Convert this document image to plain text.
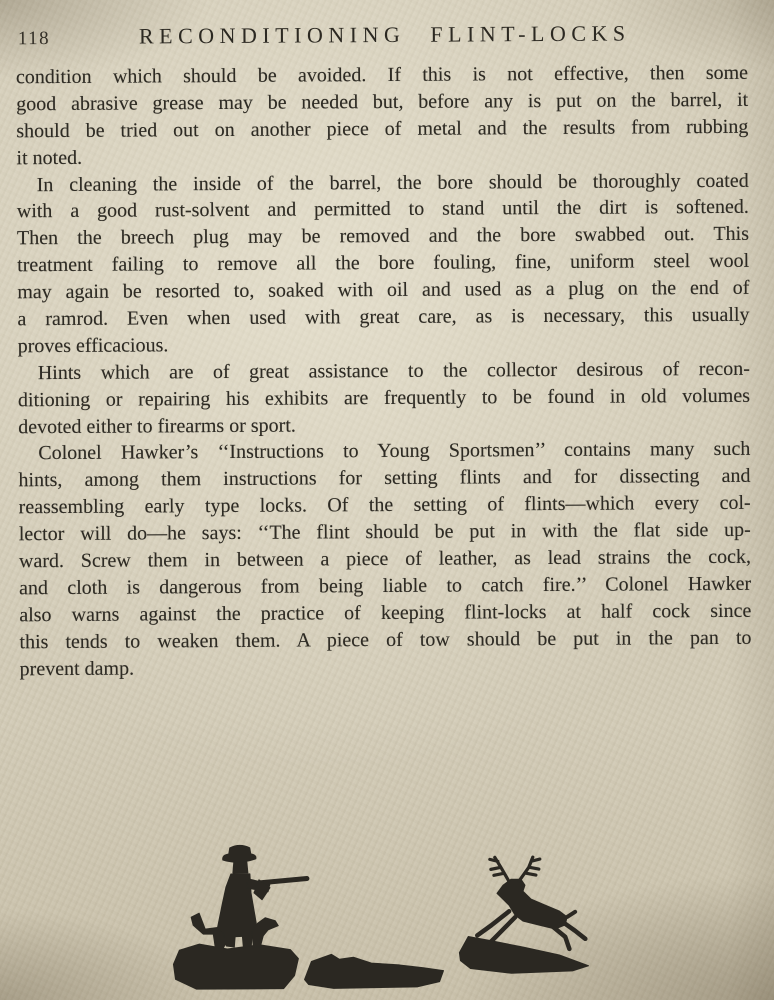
118	RECONDITIONING FLINT-LOCKS
condition which should be avoided. If this is not effective, then some
good abrasive grease may be needed but, before any is put on the barrel, it
should be tried out on another piece of metal and the results from rubbing
it noted.
In cleaning the inside of the barrel, the bore should be thoroughly coated
with a good rust-solvent and permitted to stand until the dirt is softened.
Then the breech plug may be removed and the bore swabbed out. This
treatment failing to remove all the bore fouling, fine, uniform steel wool
may again be resorted to, soaked with oil and used as a plug on the end of
a ramrod. Even when used with great care, as is necessary, this usually
proves efficacious.
Hints which are of great assistance to the collector desirous of recon-
ditioning or repairing his exhibits are frequently to be found in old volumes
devoted either to firearms or sport.
Colonel Hawker’s ‘‘Instructions to Young Sportsmen’’ contains many such
hints, among them instructions for setting flints and for dissecting and
reassembling early type locks. Of the setting of flints—which every col-
lector will do—he says: ‘‘The flint should be put in with the flat side up-
ward. Screw them in between a piece of leather, as lead strains the cock,
and cloth is dangerous from being liable to catch fire.’’ Colonel Hawker
also warns against the practice of keeping flint-locks at half cock since
this tends to weaken them. A piece of tow should be put in the pan to
prevent damp.
